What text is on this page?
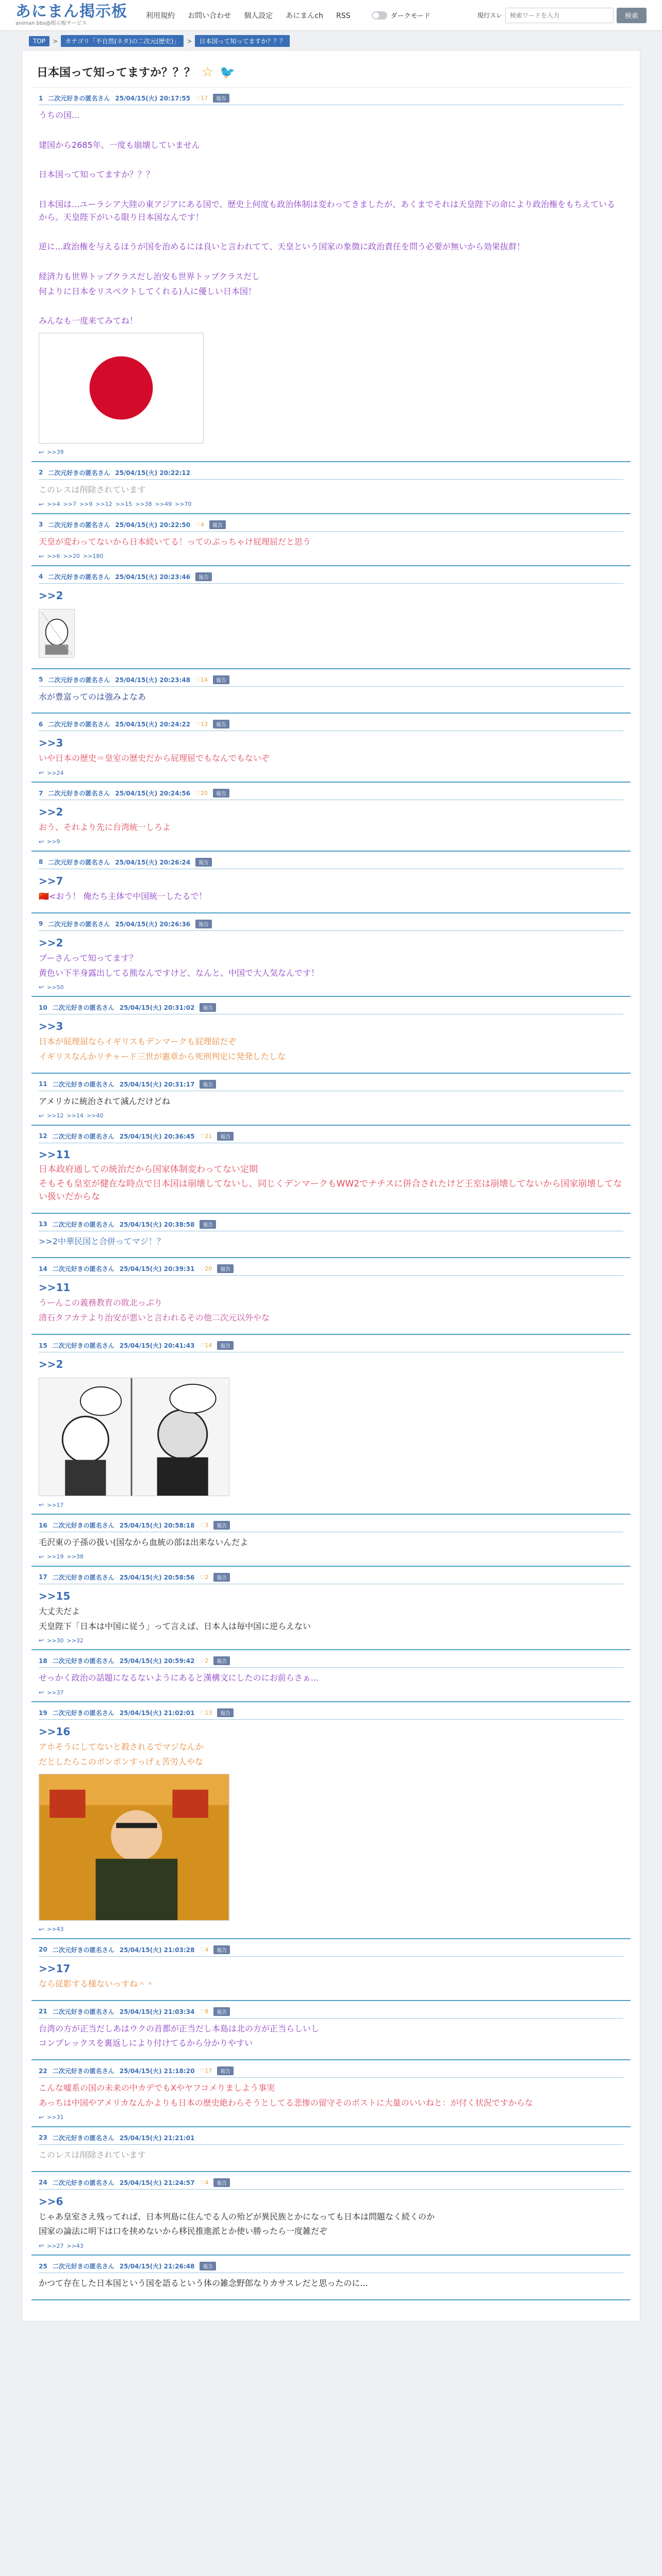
あにまん掲示板
animan bbs@掲示板サービス
利用規約 お問い合わせ 個人設定 あにまんch RSS	ダークモード	現行スレ
検索ワードを入力	検索
TOP	>	カテゴリ「不自然(ネタ)の二次元(歴史)」	>	日本国って知ってますか？？？
日本国って知ってますか？？？ ☆ 🐦
1 二次元好きの匿名さん 25/04/15(火) 20:17:55 ♡17	報告

うちの国...

建国から2685年、一度も崩壊していません

日本国って知ってますか？？？

日本国は...ユーラシア大陸の東アジアにある国で、歴史上何度も政治体制は変わってきましたが、あくまでそれは天皇陛下の命により政治権をもちえているから。天皇陛下がいる限り日本国なんです！

逆に...政治権を与えるほうが国を治めるには良いと言われてて、天皇という国家の象徴に政治責任を問う必要が無いから効果抜群！

経済力も世界トップクラスだし治安も世界トップクラスだし

何よりに日本をリスペクトしてくれる)人に優しい日本国！

みんなも一度来てみてね！

↩ >>39
2 二次元好きの匿名さん 25/04/15(火) 20:22:12

このレスは削除されています

↩ >>4 >>7 >>9 >>12 >>15 >>38 >>49 >>70
3 二次元好きの匿名さん 25/04/15(火) 20:22:50 ♡4	報告

天皇が変わってないから日本続いてる！ってのぶっちゃけ屁理屈だと思う

↩ >>6 >>20 >>180
4 二次元好きの匿名さん 25/04/15(火) 20:23:46	報告
>>2
5 二次元好きの匿名さん 25/04/15(火) 20:23:48 ♡14	報告

水が豊富ってのは強みよなあ

6 二次元好きの匿名さん 25/04/15(火) 20:24:22 ♡13	報告
>>3

いや日本の歴史＝皇室の歴史だから屁理屈でもなんでもないぞ

↩ >>24
7 二次元好きの匿名さん 25/04/15(火) 20:24:56 ♡20	報告
>>2

おう、それより先に台湾統一しろよ

↩ >>9
8 二次元好きの匿名さん 25/04/15(火) 20:26:24	報告
>>7

🇨🇳<おう！ 俺たち主体で中国統一したるで！

9 二次元好きの匿名さん 25/04/15(火) 20:26:36	報告
>>2

ブーさんって知ってます？

黄色い下半身露出してる熊なんですけど、なんと、中国で大人気なんです！

↩ >>50
10 二次元好きの匿名さん 25/04/15(火) 20:31:02	報告
>>3

日本が屁理屈ならイギリスもデンマークも屁理屈だぞ

イギリスなんかリチャード三世が憲章から死刑判定に発発したしな

11 二次元好きの匿名さん 25/04/15(火) 20:31:17	報告

アメリカに統治されて滅んだけどね

↩ >>12 >>14 >>40
12 二次元好きの匿名さん 25/04/15(火) 20:36:45 ♡21	報告
>>11

日本政府通しての統治だから国家体制変わってない定期

そもそも皇室が健在な時点で日本国は崩壊してないし、同じくデンマークもWW2でナチスに併合されたけど王室は崩壊してないから国家崩壊してない扱いだからな

13 二次元好きの匿名さん 25/04/15(火) 20:38:58	報告

>>2中華民国と合併ってマジ！？

14 二次元好きの匿名さん 25/04/15(火) 20:39:31 ♡20	報告
>>11

うーんこの義務教育の敗北っぷり

清石タフカテより治安が悪いと言われるその他二次元以外やな

15 二次元好きの匿名さん 25/04/15(火) 20:41:43 ♡14	報告
>>2
↩ >>17
16 二次元好きの匿名さん 25/04/15(火) 20:58:18 ♡3	報告

毛沢東の子孫の扱い(国なから血統の部は出来ないんだよ

↩ >>19 >>38
17 二次元好きの匿名さん 25/04/15(火) 20:58:56 ♡2	報告
>>15

大丈夫だよ

天皇陛下「日本は中国に従う」って言えば、日本人は毎中国に逆らえない

↩ >>30 >>32
18 二次元好きの匿名さん 25/04/15(火) 20:59:42 ♡2	報告

せっかく政治の話題になるないようにあると漢構文にしたのにお前らさぁ...

↩ >>37
19 二次元好きの匿名さん 25/04/15(火) 21:02:01 ♡13	報告
>>16

アホそうにしてないと殺されるでマジなんか

だとしたらこのボンボンすっげぇ苦労人やな

↩ >>43
20 二次元好きの匿名さん 25/04/15(火) 21:03:28 ♡4	報告
>>17

なら従影する様ないっすね＾＾

21 二次元好きの匿名さん 25/04/15(火) 21:03:34 ♡8	報告

台湾の方が正当だしあはウクの首都が正当だし本島は北の方が正当らしいし

コンプレックスを裏返しにより付けてるから分かりやすい

22 二次元好きの匿名さん 25/04/15(火) 21:18:20 ♡17	報告

こんな嘘系の国の未来の中カデでもXやヤフコメりましよう事実

あっちは中国やアメリカなんかよりも日本の歴史絶わらそうとしてる悲惨の留守そのポストに大量のいいねと：が付く状況ですからな

↩ >>31
23 二次元好きの匿名さん 25/04/15(火) 21:21:01

このレスは削除されています

24 二次元好きの匿名さん 25/04/15(火) 21:24:57 ♡4	報告
>>6

じゃあ皇室さえ残ってれば、日本列島に住んでる人の殆どが異民族とかになっても日本は問題なく続くのか

国家の論法に明下は口を挟めないから移民推進派とか使い勝ったら一度雑だぞ

↩ >>27 >>43
25 二次元好きの匿名さん 25/04/15(火) 21:26:48	報告

かつて存在した日本国という国を語るという体の雑念野郎なりカサスレだと思ったのに...
